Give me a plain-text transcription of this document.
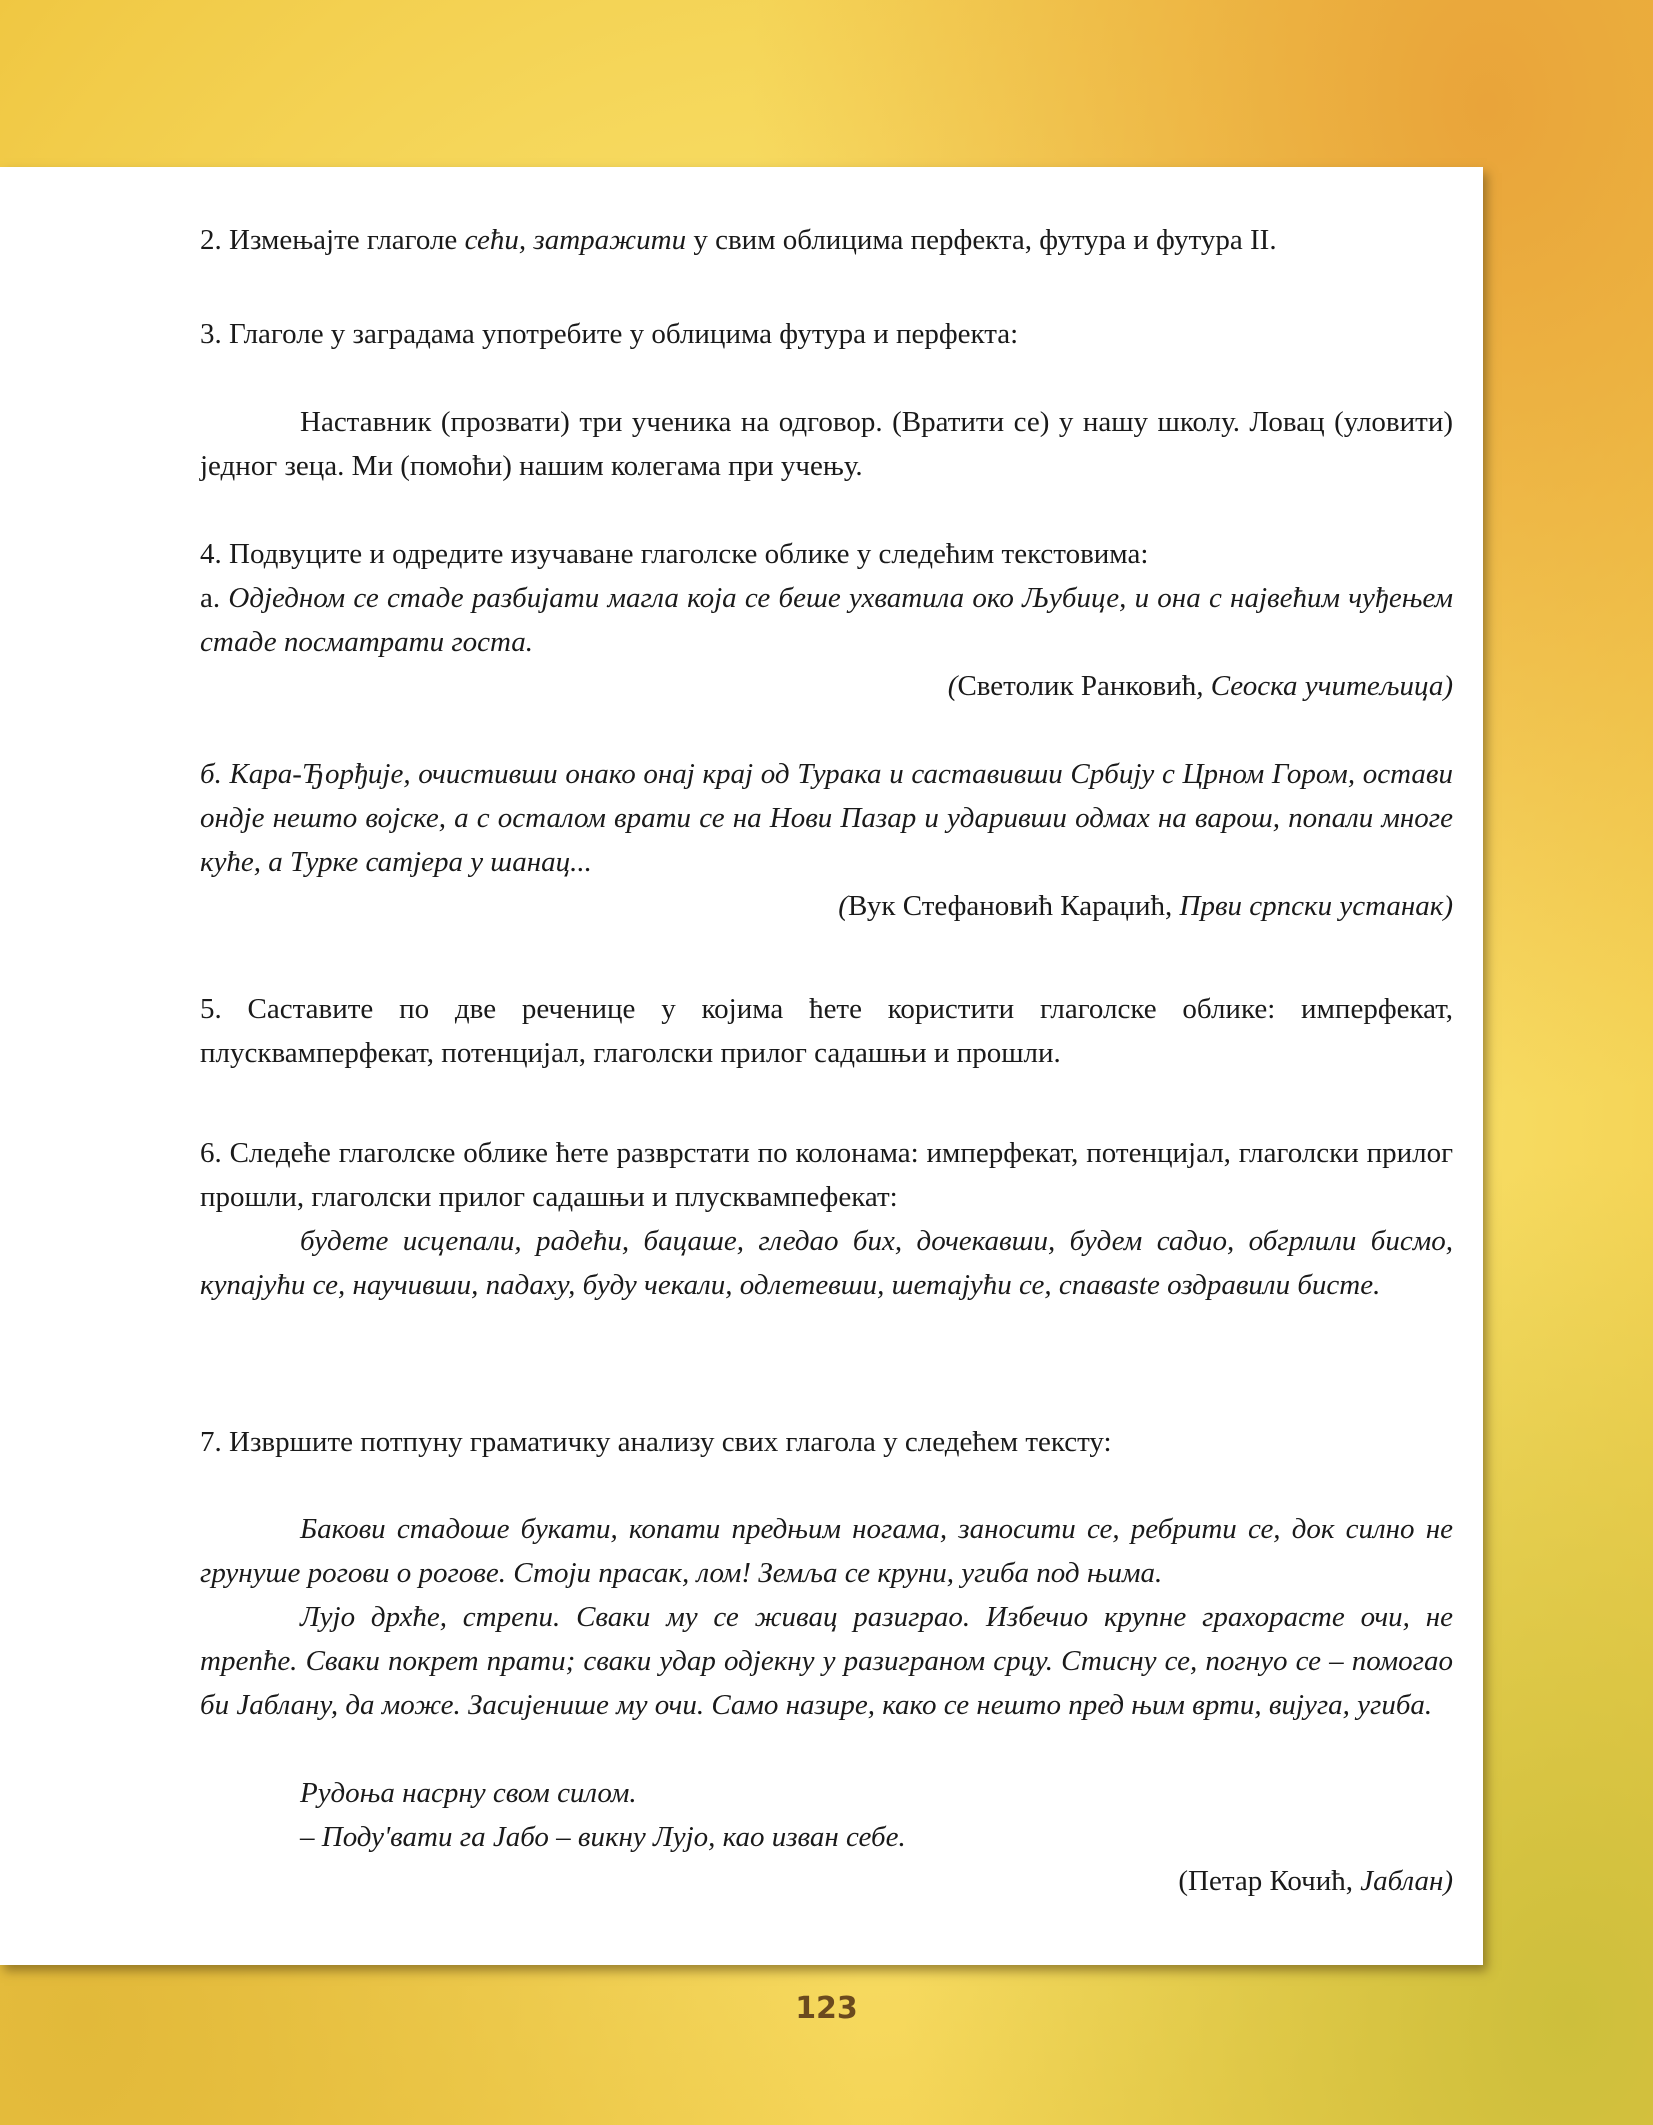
2. Измењајте глаголе сећи, затражити у свим облицима перфекта, футура и футура II.

3. Глаголе у заградама употребите у облицима футура и перфекта:

Наставник (прозвати) три ученика на одговор. (Вратити се) у нашу школу. Ловац (уловити) једног зеца. Ми (помоћи) нашим колегама при учењу.

4. Подвуците и одредите изучаване глаголске облике у следећим текстовима:

а. Одједном се стаде разбијати магла која се беше ухватила око Љубице, и она с највећим чуђењем стаде посматрати госта.

(Светолик Ранковић, Сеоска учитељица)

б. Кара-Ђорђије, очистивши онако онај крај од Турака и саставивши Србију с Црном Гором, остави ондје нешто војске, а с осталом врати се на Нови Пазар и ударивши одмах на варош, попали многе куће, а Турке сатјера у шанац...

(Вук Стефановић Караџић, Први српски устанак)

5. Саставите по две реченице у којима ћете користити глаголске облике: имперфекат, плусквамперфекат, потенцијал, глаголски прилог садашњи и прошли.

6. Следеће глаголске облике ћете разврстати по колонама: имперфекат, потенцијал, глаголски прилог прошли, глаголски прилог садашњи и плусквампефекат:

будете исцепали, радећи, бацаше, гледао бих, дочекавши, будем садио, обгрлили бисмо, купајући се, научивши, падаху, буду чекали, одлетевши, шетајући се, спаваste оздравили бисте.

7. Извршите потпуну граматичку анализу свих глагола у следећем тексту:

Бакови стадоше букати, копати предњим ногама, заносити се, ребрити се, док силно не грунуше рогови о рогове. Стоји прасак, лом! Земља се круни, угиба под њима.

Лујо дрхће, стрепи. Сваки му се живац разиграо. Избечио крупне грахорасте очи, не трепће. Сваки покрет прати; сваки удар одјекну у разиграном срцу. Стисну се, погнуо се – помогао би Јаблану, да може. Засијенише му очи. Само назире, како се нешто пред њим врти, вијуга, угиба.

Рудоња насрну свом силом.

– Поду'вати га Јабо – викну Лујо, као изван себе.

(Петар Кочић, Јаблан)

123
